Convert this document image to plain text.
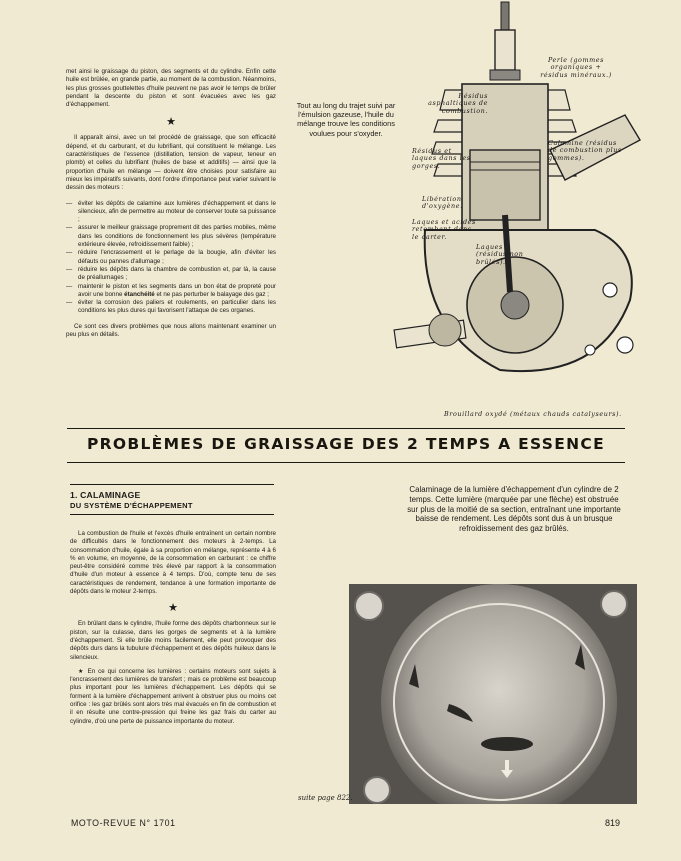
met ainsi le graissage du piston, des segments et du cylindre. Enfin cette huile est brûlée, en grande partie, au moment de la combustion. Néanmoins, les plus grosses gouttelettes d'huile peuvent ne pas avoir le temps de brûler pendant la descente du piston et sont évacuées avec les gaz d'échappement.

★

Il apparaît ainsi, avec un tel procédé de graissage, que son efficacité dépend, et du carburant, et du lubrifiant, qui constituent le mélange. Les caractéristiques de l'essence (distillation, tension de vapeur, teneur en plomb) et celles du lubrifiant (huiles de base et additifs) — ainsi que la proportion d'huile en mélange — doivent être choisies pour satisfaire au mieux les impératifs suivants, dont l'ordre d'importance peut varier suivant le dessin des moteurs :

— éviter les dépôts de calamine aux lumières d'échappement et dans le silencieux, afin de permettre au moteur de conserver toute sa puissance ;
— assurer le meilleur graissage proprement dit des parties mobiles, même dans les conditions de fonctionnement les plus sévères (température extérieure élevée, refroidissement faible) ;
— réduire l'encrassement et le perlage de la bougie, afin d'éviter les défauts ou pannes d'allumage ;
— réduire les dépôts dans la chambre de combustion et, par là, la cause de préallumages ;
— maintenir le piston et les segments dans un bon état de propreté pour avoir une bonne étanchéité et ne pas perturber le balayage des gaz ;
— éviter la corrosion des paliers et roulements, en particulier dans les conditions les plus dures qui favorisent l'attaque de ces organes.

Ce sont ces divers problèmes que nous allons maintenant examiner un peu plus en détails.

Tout au long du trajet suivi par l'émulsion gazeuse, l'huile du mélange trouve les conditions voulues pour s'oxyder.
Perle (gommes organiques + résidus minéraux.)
Résidus asphaltiques de combustion.
Résidus et laques dans les gorges.
Calamine (résidus de combustion plus gommes).
Libération d'oxygène.
Laques et acides retombant dans le carter.
Laques (résidus non brûlés).
Brouillard oxydé (métaux chauds catalyseurs).
PROBLÈMES DE GRAISSAGE DES 2 TEMPS A ESSENCE
1. CALAMINAGE
DU SYSTÈME D'ÉCHAPPEMENT

La combustion de l'huile et l'excès d'huile entraînent un certain nombre de difficultés dans le fonctionnement des moteurs à 2-temps. La consommation d'huile, égale à sa proportion en mélange, représente 4 à 6 % en volume, en moyenne, de la consommation en carburant : ce chiffre peut-être considéré comme très élevé par rapport à la consommation d'huile d'un moteur à essence à 4 temps. D'où, compte tenu de ses caractéristiques de rendement, tendance à une formation importante de dépôts dans le moteur 2-temps.

★

En brûlant dans le cylindre, l'huile forme des dépôts charbonneux sur le piston, sur la culasse, dans les gorges de segments et à la lumière d'échappement. Si elle brûle moins facilement, elle peut provoquer des dépôts durs dans la tubulure d'échappement et des dépôts huileux dans le silencieux.

★ En ce qui concerne les lumières : certains moteurs sont sujets à l'encrassement des lumières de transfert ; mais ce problème est beaucoup plus important pour les lumières d'échappement. Les dépôts qui se forment à la lumière d'échappement arrivent à obstruer plus ou moins cet orifice : les gaz brûlés sont alors très mal évacués en fin de combustion et il en résulte une contre-pression qui freine les gaz frais du carter au cylindre, d'où une perte de puissance importante du moteur.

Calaminage de la lumière d'échappement d'un cylindre de 2 temps. Cette lumière (marquée par une flèche) est obstruée sur plus de la moitié de sa section, entraînant une importante baisse de rendement. Les dépôts sont dus à un brusque refroidissement des gaz brûlés.
suite page 822.
MOTO-REVUE N° 1701	819
